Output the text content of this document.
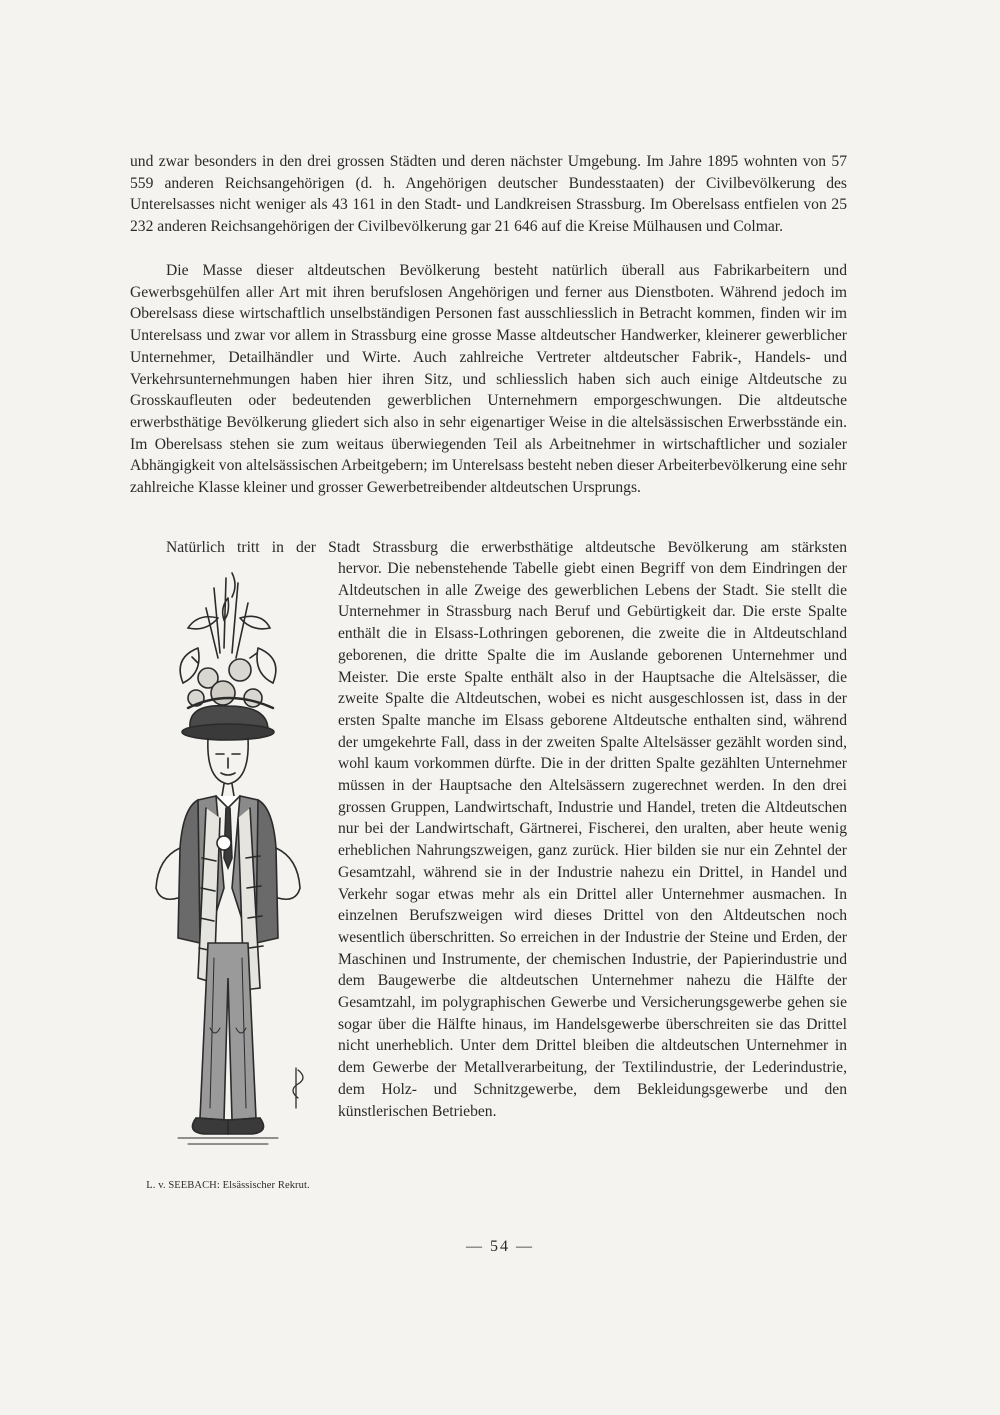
und zwar besonders in den drei grossen Städten und deren nächster Umgebung. Im Jahre 1895 wohnten von 57 559 anderen Reichsangehörigen (d. h. Angehörigen deutscher Bundesstaaten) der Civilbevölkerung des Unterelsasses nicht weniger als 43 161 in den Stadt- und Landkreisen Strassburg. Im Oberelsass entfielen von 25 232 anderen Reichsangehörigen der Civilbevölkerung gar 21 646 auf die Kreise Mülhausen und Colmar.

Die Masse dieser altdeutschen Bevölkerung besteht natürlich überall aus Fabrikarbeitern und Gewerbsgehülfen aller Art mit ihren berufslosen Angehörigen und ferner aus Dienstboten. Während jedoch im Oberelsass diese wirtschaftlich unselbständigen Personen fast ausschliesslich in Betracht kommen, finden wir im Unterelsass und zwar vor allem in Strassburg eine grosse Masse altdeutscher Handwerker, kleinerer gewerblicher Unternehmer, Detailhändler und Wirte. Auch zahlreiche Vertreter altdeutscher Fabrik-, Handels- und Verkehrsunternehmungen haben hier ihren Sitz, und schliesslich haben sich auch einige Altdeutsche zu Grosskaufleuten oder bedeutenden gewerblichen Unternehmern emporgeschwungen. Die altdeutsche erwerbsthätige Bevölkerung gliedert sich also in sehr eigenartiger Weise in die altelsässischen Erwerbsstände ein. Im Oberelsass stehen sie zum weitaus überwiegenden Teil als Arbeitnehmer in wirtschaftlicher und sozialer Abhängigkeit von altelsässischen Arbeitgebern; im Unterelsass besteht neben dieser Arbeiterbevölkerung eine sehr zahlreiche Klasse kleiner und grosser Gewerbetreibender altdeutschen Ursprungs.

Natürlich tritt in der Stadt Strassburg die erwerbsthätige altdeutsche Bevölkerung am stärksten

hervor. Die nebenstehende Tabelle giebt einen Begriff von dem Eindringen der Altdeutschen in alle Zweige des gewerblichen Lebens der Stadt. Sie stellt die Unternehmer in Strassburg nach Beruf und Gebürtigkeit dar. Die erste Spalte enthält die in Elsass-Lothringen geborenen, die zweite die in Altdeutschland geborenen, die dritte Spalte die im Auslande geborenen Unternehmer und Meister. Die erste Spalte enthält also in der Hauptsache die Altelsässer, die zweite Spalte die Altdeutschen, wobei es nicht ausgeschlossen ist, dass in der ersten Spalte manche im Elsass geborene Altdeutsche enthalten sind, während der umgekehrte Fall, dass in der zweiten Spalte Altelsässer gezählt worden sind, wohl kaum vorkommen dürfte. Die in der dritten Spalte gezählten Unternehmer müssen in der Hauptsache den Altelsässern zugerechnet werden. In den drei grossen Gruppen, Landwirtschaft, Industrie und Handel, treten die Altdeutschen nur bei der Landwirtschaft, Gärtnerei, Fischerei, den uralten, aber heute wenig erheblichen Nahrungszweigen, ganz zurück. Hier bilden sie nur ein Zehntel der Gesamtzahl, während sie in der Industrie nahezu ein Drittel, in Handel und Verkehr sogar etwas mehr als ein Drittel aller Unternehmer ausmachen. In einzelnen Berufszweigen wird dieses Drittel von den Altdeutschen noch wesentlich überschritten. So erreichen in der Industrie der Steine und Erden, der Maschinen und Instrumente, der chemischen Industrie, der Papierindustrie und dem Baugewerbe die altdeutschen Unternehmer nahezu die Hälfte der Gesamtzahl, im polygraphischen Gewerbe und Versicherungsgewerbe gehen sie sogar über die Hälfte hinaus, im Handelsgewerbe überschreiten sie das Drittel nicht unerheblich. Unter dem Drittel bleiben die altdeutschen Unternehmer in dem Gewerbe der Metallverarbeitung, der Textilindustrie, der Lederindustrie, dem Holz- und Schnitzgewerbe, dem Bekleidungsgewerbe und den künstlerischen Betrieben.

L. v. SEEBACH: Elsässischer Rekrut.
— 54 —
